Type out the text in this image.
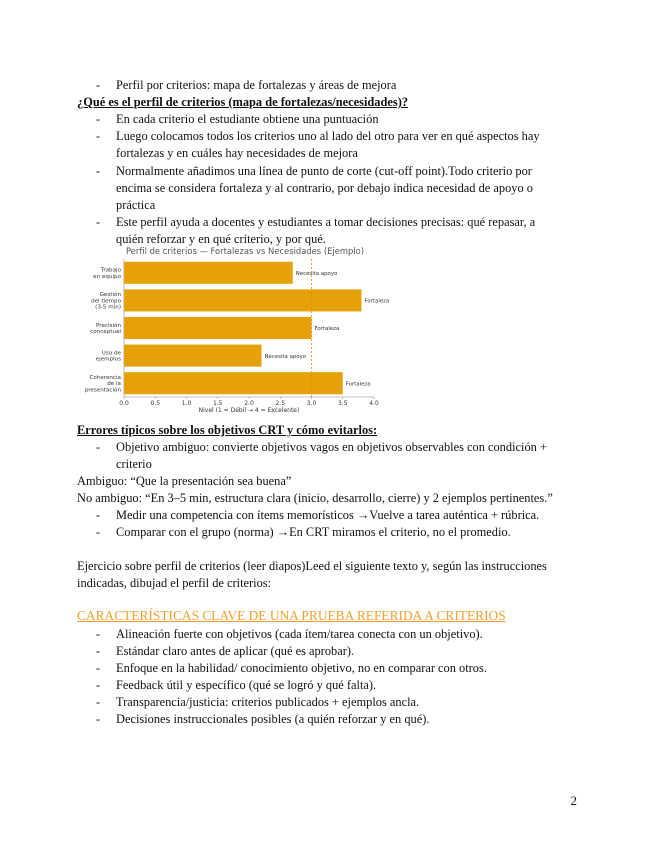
- Perfil por criterios: mapa de fortalezas y áreas de mejora
¿Qué es el perfil de criterios (mapa de fortalezas/necesidades)?
- En cada criterio el estudiante obtiene una puntuación
- Luego colocamos todos los criterios uno al lado del otro para ver en qué aspectos hay
fortalezas y en cuáles hay necesidades de mejora
- Normalmente añadimos una línea de punto de corte (cut-off point).Todo criterio por
encima se considera fortaleza y al contrario, por debajo indica necesidad de apoyo o
práctica
- Este perfil ayuda a docentes y estudiantes a tomar decisiones precisas: qué repasar, a
quién reforzar y en qué criterio, y por qué.
Perfil de criterios — Fortalezas vs Necesidades (Ejemplo)
Necesita apoyo
Trabajo
en equipo
Fortaleza
Gestión
del tiempo
(3-5 min)
Fortaleza
Precisión
conceptual
Necesita apoyo
Uso de
ejemplos
Fortaleza
Coherencia
de la
presentación
0.0	0.5	1.0	1.5	2.0	2.5	3.0	3.5	4.0
Nivel (1 = Débil → 4 = Excelente)
Errores típicos sobre los objetivos CRT y cómo evitarlos:
- Objetivo ambiguo: convierte objetivos vagos en objetivos observables con condición +
criterio
Ambiguo: “Que la presentación sea buena”
No ambiguo: “En 3–5 min, estructura clara (inicio, desarrollo, cierre) y 2 ejemplos pertinentes.”
- Medir una competencia con ítems memorísticos →Vuelve a tarea auténtica + rúbrica.
- Comparar con el grupo (norma) →En CRT miramos el criterio, no el promedio.
Ejercicio sobre perfil de criterios (leer diapos)Leed el siguiente texto y, según las instrucciones
indicadas, dibujad el perfil de criterios:
CARACTERÍSTICAS CLAVE DE UNA PRUEBA REFERIDA A CRITERIOS
- Alineación fuerte con objetivos (cada ítem/tarea conecta con un objetivo).
- Estándar claro antes de aplicar (qué es aprobar).
- Enfoque en la habilidad/ conocimiento objetivo, no en comparar con otros.
- Feedback útil y específico (qué se logró y qué falta).
- Transparencia/justicia: criterios publicados + ejemplos ancla.
- Decisiones instruccionales posibles (a quién reforzar y en qué).
2
